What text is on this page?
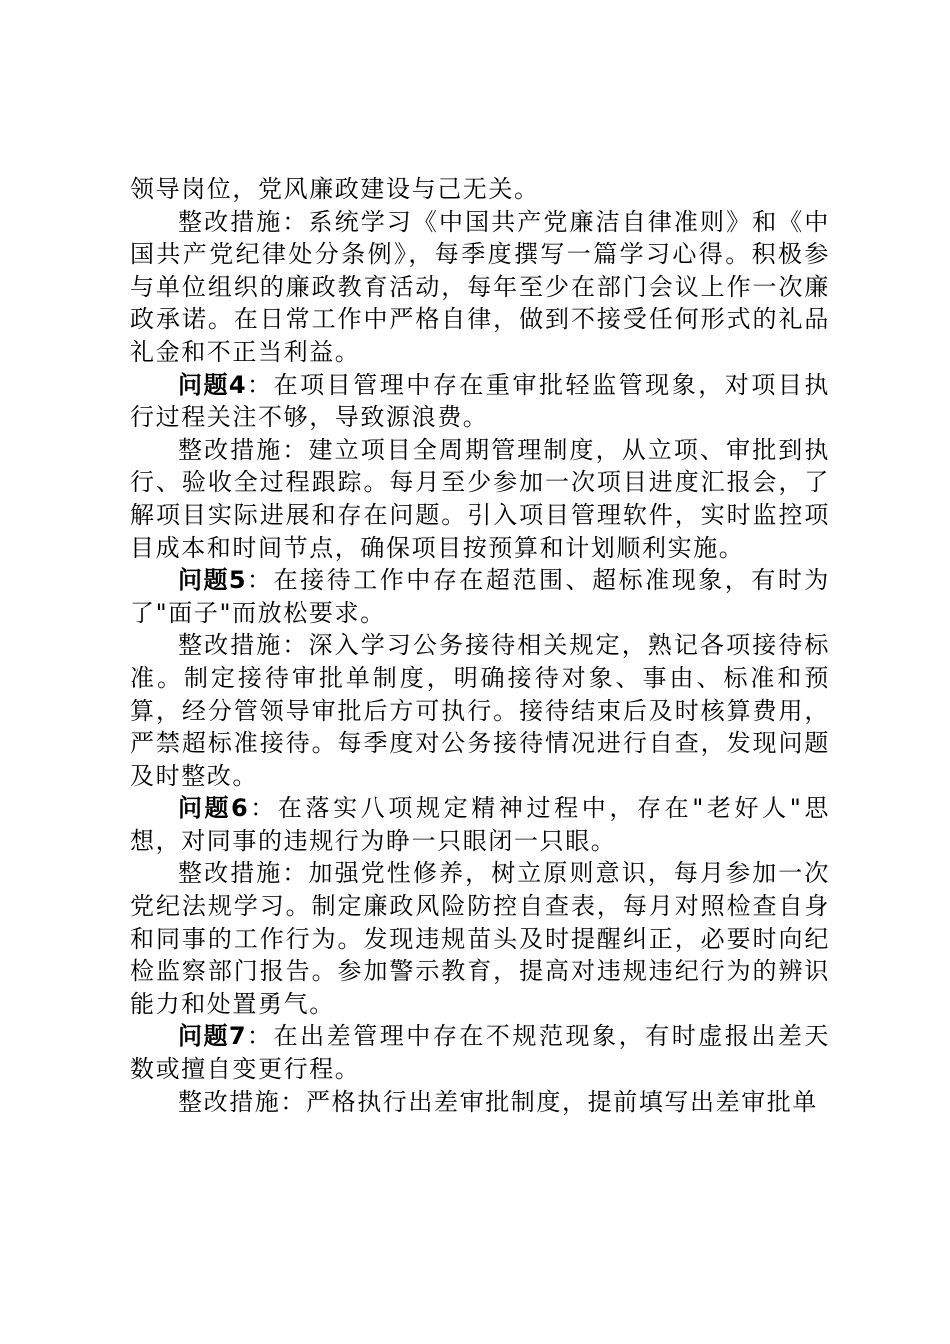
领导岗位，党风廉政建设与己无关。

整改措施：系统学习《中国共产党廉洁自律准则》和《中国共产党纪律处分条例》，每季度撰写一篇学习心得。积极参与单位组织的廉政教育活动，每年至少在部门会议上作一次廉政承诺。在日常工作中严格自律，做到不接受任何形式的礼品礼金和不正当利益。

问题4：在项目管理中存在重审批轻监管现象，对项目执行过程关注不够，导致源浪费。

整改措施：建立项目全周期管理制度，从立项、审批到执行、验收全过程跟踪。每月至少参加一次项目进度汇报会，了解项目实际进展和存在问题。引入项目管理软件，实时监控项目成本和时间节点，确保项目按预算和计划顺利实施。

问题5：在接待工作中存在超范围、超标准现象，有时为了"面子"而放松要求。

整改措施：深入学习公务接待相关规定，熟记各项接待标准。制定接待审批单制度，明确接待对象、事由、标准和预算，经分管领导审批后方可执行。接待结束后及时核算费用，严禁超标准接待。每季度对公务接待情况进行自查，发现问题及时整改。

问题6：在落实八项规定精神过程中，存在"老好人"思想，对同事的违规行为睁一只眼闭一只眼。

整改措施：加强党性修养，树立原则意识，每月参加一次党纪法规学习。制定廉政风险防控自查表，每月对照检查自身和同事的工作行为。发现违规苗头及时提醒纠正，必要时向纪检监察部门报告。参加警示教育，提高对违规违纪行为的辨识能力和处置勇气。

问题7：在出差管理中存在不规范现象，有时虚报出差天数或擅自变更行程。

整改措施：严格执行出差审批制度，提前填写出差审批单
